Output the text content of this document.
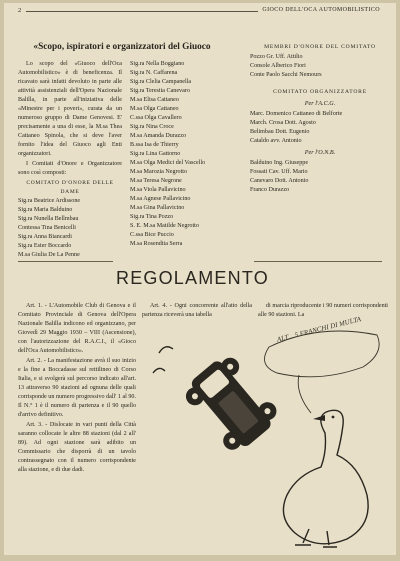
2	GIOCO DELL'OCA AUTOMOBILISTICO
«Scopo, ispiratori e organizzatori del Giuoco
Lo scopo del «Giuoco dell'Oca Automobilistico» è di beneficenza. Il ricavato sarà infatti devoluto in parte alle attività assistenziali dell'Opera Nazionale Balilla, in parte all'iniziativa delle «Minestre per i poveri», curata da un numeroso gruppo di Dame Genovesi. E' precisamente a una di esse, la M.sa Thea Cattaneo Spinola, che si deve l'aver fornito l'idea del Giuoco agli Enti organizzatori.
I Comitati d'Onore e Organizzatore sono così composti:
COMITATO D'ONORE DELLE DAME
Sig.ra Beatrice Ardissone
Sig.ra Maria Balduino
Sig.ra Nunella Bellmbau
Contessa Tina Benicelli
Sig.ra Anna Biancardi
Sig.ra Ester Boccardo
M.sa Giulia De La Penne
Sig.ra Nella Boggiano
Sig.ra N. Caffarena
Sig.ra Clelia Campanella
Sig.ra Teresita Canevaro
M.sa Elisa Cattaneo
M.sa Olga Cattaneo
C.ssa Olga Cavallero
Sig.ra Nina Croce
M.sa Amanda Durazzo
B.ssa Isa de Thierry
Sig.ra Lina Gattorno
M.sa Olga Medici del Vascello
M.sa Marozia Negrotto
M.sa Teresa Negrone
M.sa Viola Pallavicino
M.sa Agnese Pallavicino
M.sa Gina Pallavicino
Sig.ra Tina Pozzo
S. E. M.sa Matilde Negrotto
C.ssa Bice Puccio
M.sa Rosendita Serra
MEMBRI D'ONORE DEL COMITATO
Pozzo Gr. Uff. Attilio
Console Alberico Fiori
Conte Paolo Sacchi Nemours
COMITATO ORGANIZZATORE
Per l'A.C.G.
Marc. Domenico Cattaneo di Belforte
March. Crosa Dott. Agosto
Belimbau Dott. Eugenio
Cataldo avv. Antonio
Per l'O.N.B.
Balduino Ing. Giuseppe
Fossati Cav. Uff. Mario
Canevaro Dott. Antonio
Franco Durazzo
REGOLAMENTO
Art. 1. - L'Automobile Club di Genova e il Comitato Provinciale di Genova dell'Opera Nazionale Balilla indicono ed organizzano, per Giovedì 29 Maggio 1930 – VIII (Ascensione), con l'autorizzazione del R.A.C.I., il «Gioco dell'Oca Automobilistico».
Art. 2. - La manifestazione avrà il suo inizio e la fine a Boccadasse sul rettilineo di Corso Italia, e si svolgerà sul percorso indicato all'art. 13 attraverso 90 stazioni ad ognuna delle quali corrisponde un numero progressivo dall' 1 al 90. Il N.° 1 è il numero di partenza e il 90 quello d'arrivo definitivo.
Art. 3. - Dislocate in vari punti della Città saranno collocate le altre 88 stazioni (dal 2 all' 89). Ad ogni stazione sarà adibito un Commissario che disporrà di un tavolo contrassegnato con il numero corrispondente alla stazione, e di due dadi.
Art. 4. - Ogni concorrente all'atto della partenza riceverà una tabella
di marcia riproducente i 90 numeri corrispondenti alle 90 stazioni. La
ALT... 5 FRANCHI DI MULTA
